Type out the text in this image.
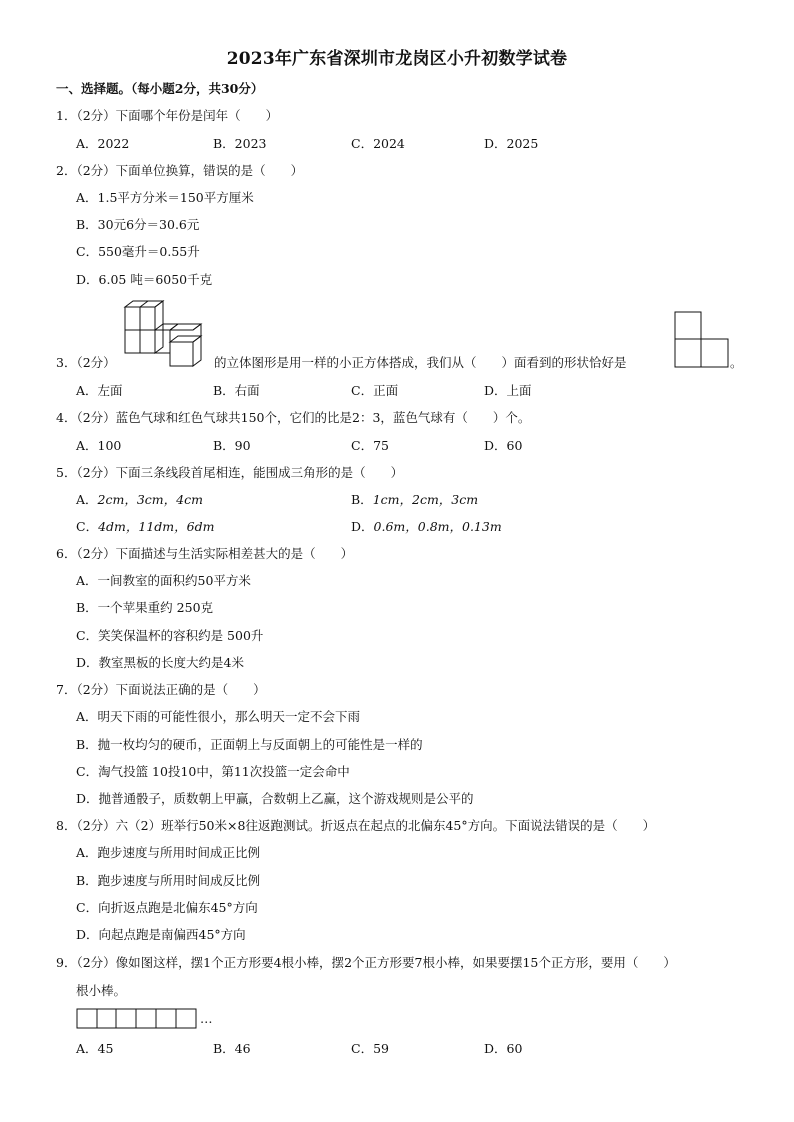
2023年广东省深圳市龙岗区小升初数学试卷
一、选择题。（每小题2分，共30分）
1．（2分）下面哪个年份是闰年（　　）
A．2022	B．2023	C．2024	D．2025
2．（2分）下面单位换算，错误的是（　　）
A．1.5平方分米＝150平方厘米
B．30元6分＝30.6元
C．550毫升＝0.55升
D．6.05 吨＝6050千克
3．（2分）	的立体图形是用一样的小正方体搭成，我们从（　　）面看到的形状恰好是	。
A．左面	B．右面	C．正面	D．上面
4．（2分）蓝色气球和红色气球共150个，它们的比是2：3，蓝色气球有（　　）个。
A．100	B．90	C．75	D．60
5．（2分）下面三条线段首尾相连，能围成三角形的是（　　）
A．2cm，3cm，4cm	B．1cm，2cm，3cm
C．4dm，11dm，6dm	D．0.6m，0.8m，0.13m
6．（2分）下面描述与生活实际相差甚大的是（　　）
A．一间教室的面积约50平方米
B．一个苹果重约 250克
C．笑笑保温杯的容积约是 500升
D．教室黑板的长度大约是4米
7．（2分）下面说法正确的是（　　）
A．明天下雨的可能性很小，那么明天一定不会下雨
B．抛一枚均匀的硬币，正面朝上与反面朝上的可能性是一样的
C．淘气投篮 10投10中，第11次投篮一定会命中
D．抛普通骰子，质数朝上甲赢，合数朝上乙赢，这个游戏规则是公平的
8．（2分）六（2）班举行50米×8往返跑测试。折返点在起点的北偏东45°方向。下面说法错误的是（　　）
A．跑步速度与所用时间成正比例
B．跑步速度与所用时间成反比例
C．向折返点跑是北偏东45°方向
D．向起点跑是南偏西45°方向
9．（2分）像如图这样，摆1个正方形要4根小棒，摆2个正方形要7根小棒，如果要摆15个正方形，要用（　　）
根小棒。
…
A．45	B．46	C．59	D．60
